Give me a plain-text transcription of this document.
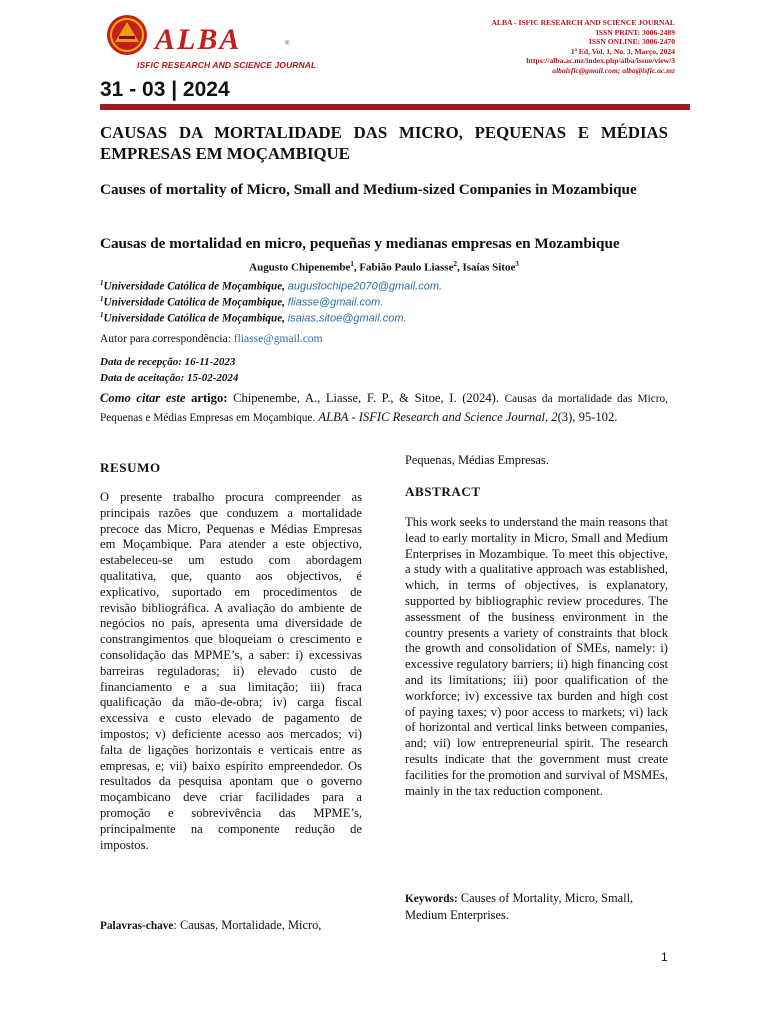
ALBA	®
ISFIC RESEARCH AND SCIENCE JOURNAL
31 - 03 | 2024
ALBA - ISFIC RESEARCH AND SCIENCE JOURNAL
ISSN PRINT: 3006-2489
ISSN ONLINE: 3006-2470
1ª Ed, Vol. 1, No. 3, Março, 2024
https://alba.ac.mz/index.php/alba/issue/view/3
albaisfic@gmail.com; alba@isfic.ac.mz
CAUSAS DA MORTALIDADE DAS MICRO, PEQUENAS E MÉDIAS EMPRESAS EM MOÇAMBIQUE
Causes of mortality of Micro, Small and Medium-sized Companies in Mozambique
Causas de mortalidad en micro, pequeñas y medianas empresas en Mozambique
Augusto Chipenembe$^1$, Fabião Paulo Liasse$^2$, Isaías Sitoe$^3$
$^1$Universidade Católica de Moçambique, augustochipe2070@gmail.com.
$^1$Universidade Católica de Moçambique, fliasse@gmail.com.
$^1$Universidade Católica de Moçambique, isaias.sitoe@gmail.com.
Autor para correspondência: fliasse@gmail.com
Data de recepção: 16-11-2023
Data de aceitação: 15-02-2024
Como citar este artigo: Chipenembe, A., Liasse, F. P., & Sitoe, I. (2024). Causas da mortalidade das Micro, Pequenas e Médias Empresas em Moçambique. ALBA - ISFIC Research and Science Journal, 2(3), 95-102.
RESUMO
O presente trabalho procura compreender as principais razões que conduzem a mortalidade precoce das Micro, Pequenas e Médias Empresas em Moçambique. Para atender a este objectivo, estabeleceu-se um estudo com abordagem qualitativa, que, quanto aos objectivos, é explicativo, suportado em procedimentos de revisão bibliográfica. A avaliação do ambiente de negócios no país, apresenta uma diversidade de constrangimentos que bloqueiam o crescimento e consolidação das MPME’s, a saber: i) excessivas barreiras reguladoras; ii) elevado custo de financiamento e a sua limitação; iii) fraca qualificação da mão-de-obra; iv) carga fiscal excessiva e custo elevado de pagamento de impostos; v) deficiente acesso aos mercados; vi) falta de ligações horizontais e verticais entre as empresas, e; vii) baixo espírito empreendedor. Os resultados da pesquisa apontam que o governo moçambicano deve criar facilidades para a promoção e sobrevivência das MPME’s, principalmente na componente redução de impostos.
Palavras-chave: Causas, Mortalidade, Micro,
Pequenas, Médias Empresas.
ABSTRACT
This work seeks to understand the main reasons that lead to early mortality in Micro, Small and Medium Enterprises in Mozambique. To meet this objective, a study with a qualitative approach was established, which, in terms of objectives, is explanatory, supported by bibliographic review procedures. The assessment of the business environment in the country presents a variety of constraints that block the growth and consolidation of SMEs, namely: i) excessive regulatory barriers; ii) high financing cost and its limitations; iii) poor qualification of the workforce; iv) excessive tax burden and high cost of paying taxes; v) poor access to markets; vi) lack of horizontal and vertical links between companies, and; vii) low entrepreneurial spirit. The research results indicate that the government must create facilities for the promotion and survival of MSMEs, mainly in the tax reduction component.
Keywords: Causes of Mortality, Micro, Small, Medium Enterprises.
1
